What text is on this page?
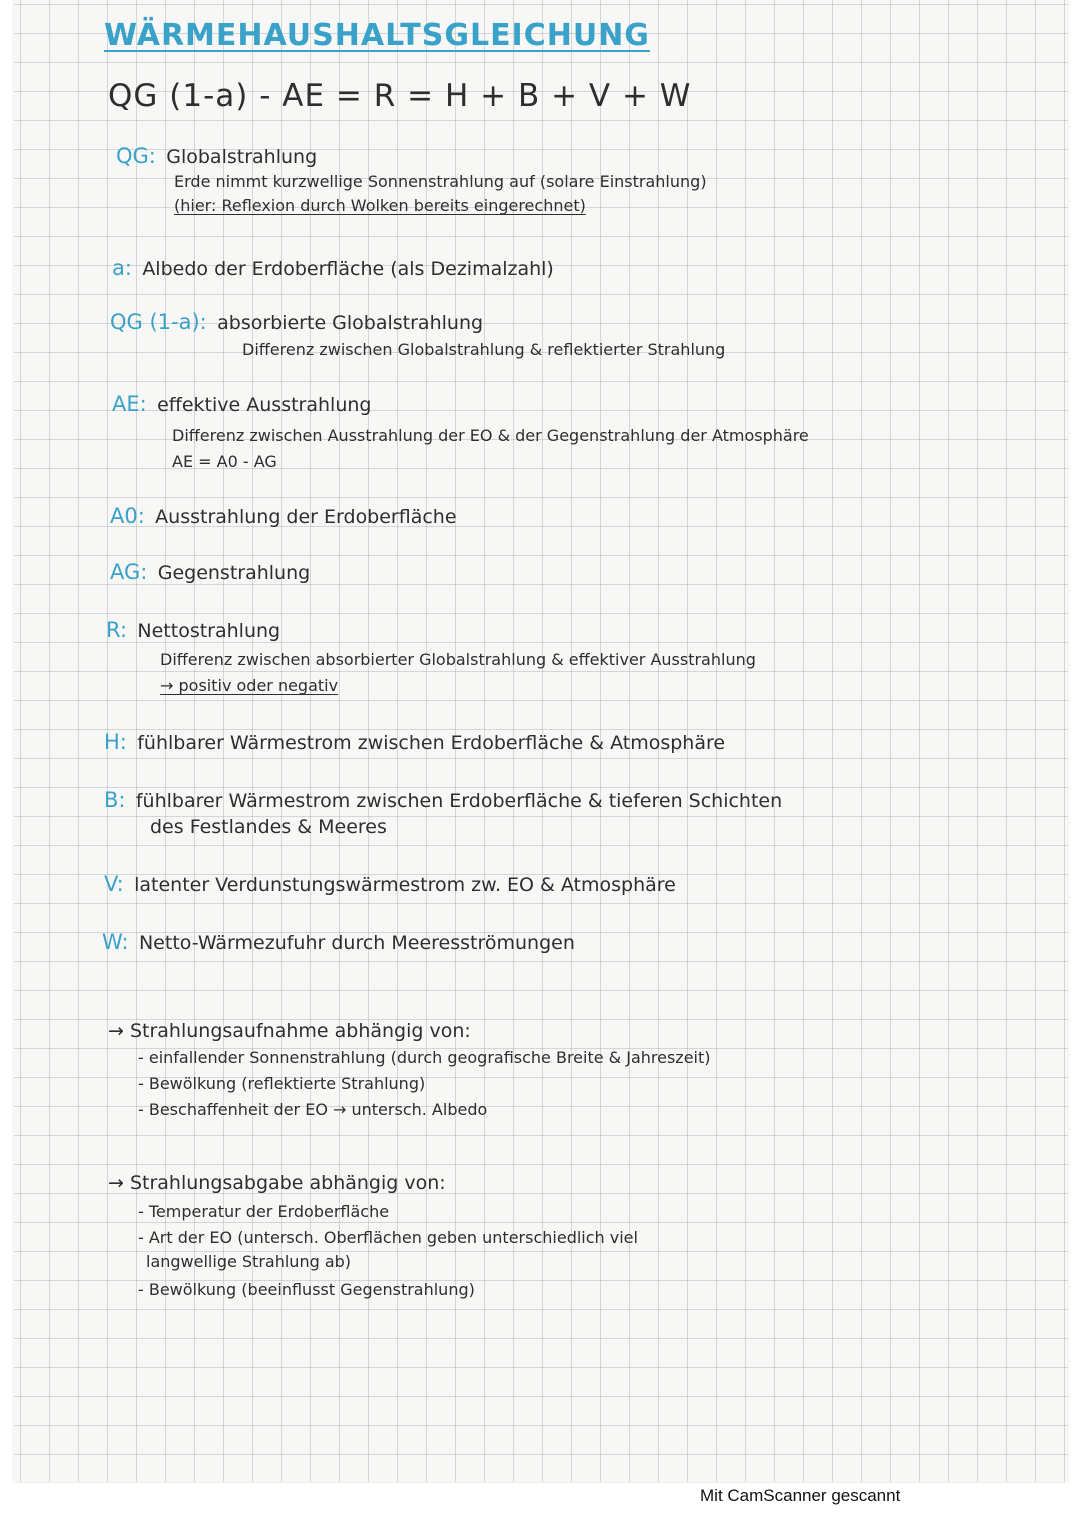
WÄRMEHAUSHALTSGLEICHUNG
QG (1-a) - AE = R = H + B + V + W
QG: Globalstrahlung
Erde nimmt kurzwellige Sonnenstrahlung auf (solare Einstrahlung)
(hier: Reflexion durch Wolken bereits eingerechnet)
a: Albedo der Erdoberfläche (als Dezimalzahl)
QG (1-a): absorbierte Globalstrahlung
Differenz zwischen Globalstrahlung & reflektierter Strahlung
AE: effektive Ausstrahlung
Differenz zwischen Ausstrahlung der EO & der Gegenstrahlung der Atmosphäre
AE = A0 - AG
A0: Ausstrahlung der Erdoberfläche
AG: Gegenstrahlung
R: Nettostrahlung
Differenz zwischen absorbierter Globalstrahlung & effektiver Ausstrahlung
→ positiv oder negativ
H: fühlbarer Wärmestrom zwischen Erdoberfläche & Atmosphäre
B: fühlbarer Wärmestrom zwischen Erdoberfläche & tieferen Schichten
des Festlandes & Meeres
V: latenter Verdunstungswärmestrom zw. EO & Atmosphäre
W: Netto-Wärmezufuhr durch Meeresströmungen
→ Strahlungsaufnahme abhängig von:
- einfallender Sonnenstrahlung (durch geografische Breite & Jahreszeit)
- Bewölkung (reflektierte Strahlung)
- Beschaffenheit der EO → untersch. Albedo
→ Strahlungsabgabe abhängig von:
- Temperatur der Erdoberfläche
- Art der EO (untersch. Oberflächen geben unterschiedlich viel
langwellige Strahlung ab)
- Bewölkung (beeinflusst Gegenstrahlung)
Mit CamScanner gescannt
